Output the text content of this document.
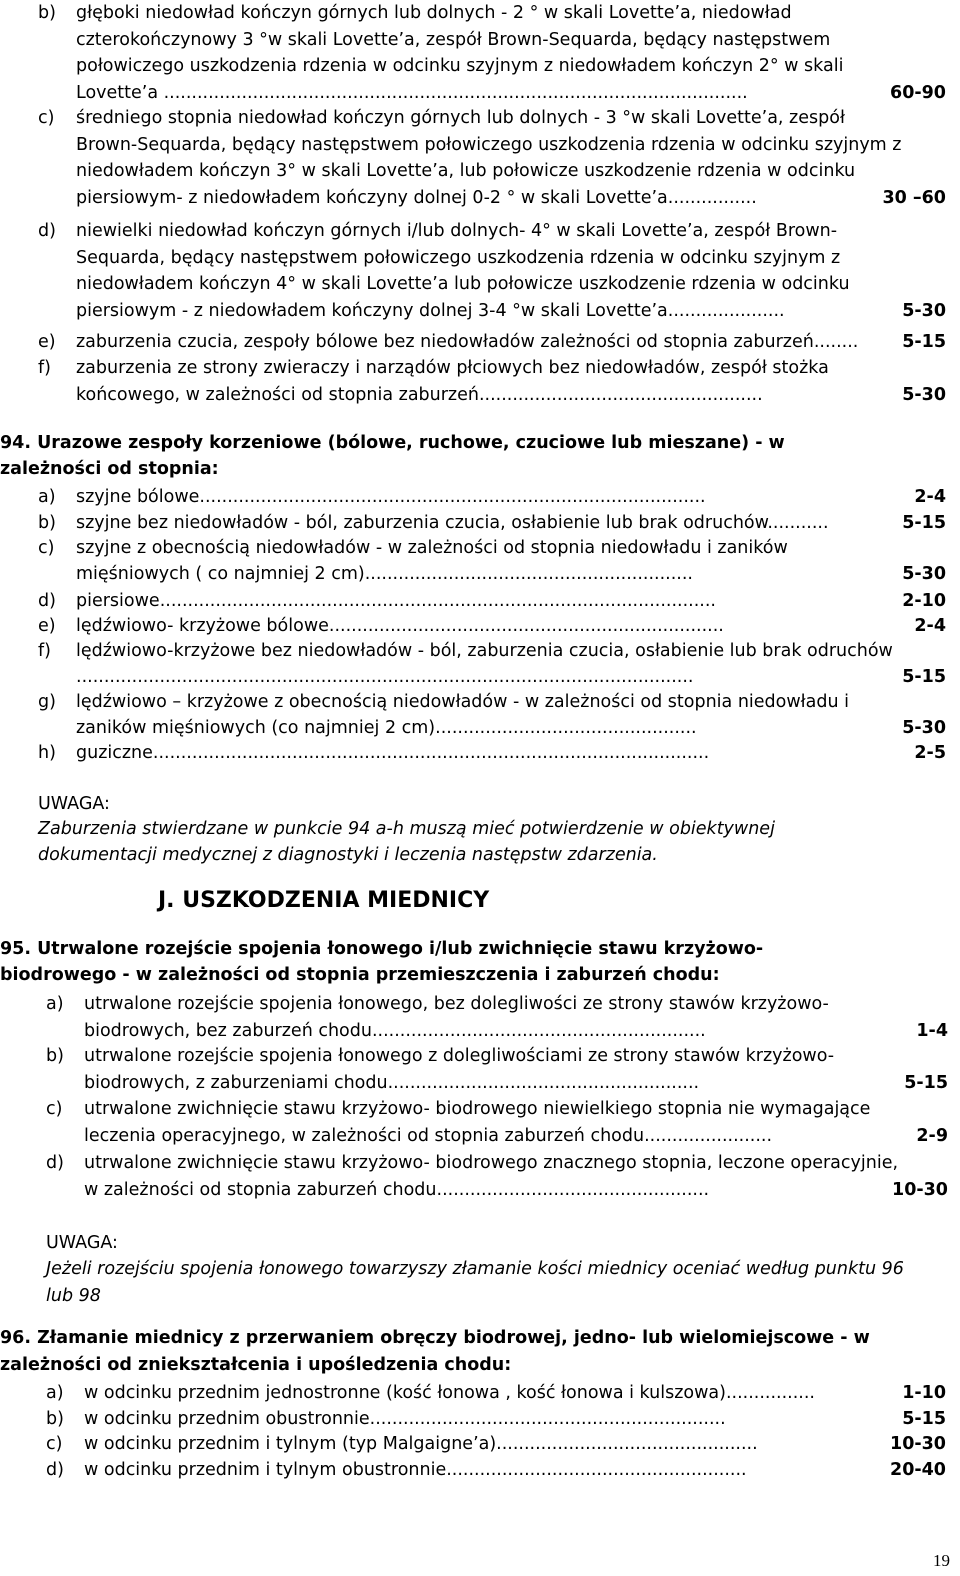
b) głęboki niedowład kończyn górnych lub dolnych - 2 ° w skali Lovette’a, niedowład
czterokończynowy 3 °w skali Lovette’a, zespół Brown-Sequarda, będący następstwem
połowiczego uszkodzenia rdzenia w odcinku szyjnym z niedowładem kończyn 2° w skali
Lovette’a .........................................................................................................	60-90
c) średniego stopnia niedowład kończyn górnych lub dolnych - 3 °w skali Lovette’a, zespół
Brown-Sequarda, będący następstwem połowiczego uszkodzenia rdzenia w odcinku szyjnym z
niedowładem kończyn 3° w skali Lovette’a, lub połowicze uszkodzenie rdzenia w odcinku
piersiowym- z niedowładem kończyny dolnej 0-2 ° w skali Lovette’a................	30 –60
d) niewielki niedowład kończyn górnych i/lub dolnych- 4° w skali Lovette’a, zespół Brown-
Sequarda, będący następstwem połowiczego uszkodzenia rdzenia w odcinku szyjnym z
niedowładem kończyn 4° w skali Lovette’a lub połowicze uszkodzenie rdzenia w odcinku
piersiowym - z niedowładem kończyny dolnej 3-4 °w skali Lovette’a.....................	5-30
e) zaburzenia czucia, zespoły bólowe bez niedowładów zależności od stopnia zaburzeń........	5-15
f) zaburzenia ze strony zwieraczy i narządów płciowych bez niedowładów, zespół stożka
końcowego, w zależności od stopnia zaburzeń...................................................	5-30
94. Urazowe zespoły korzeniowe (bólowe, ruchowe, czuciowe lub mieszane) - w
zależności od stopnia:
a) szyjne bólowe...........................................................................................	2-4
b) szyjne bez niedowładów - ból, zaburzenia czucia, osłabienie lub brak odruchów...........	5-15
c) szyjne z obecnością niedowładów - w zależności od stopnia niedowładu i zaników
mięśniowych ( co najmniej 2 cm)...........................................................	5-30
d) piersiowe....................................................................................................	2-10
e) lędźwiowo- krzyżowe bólowe.......................................................................	2-4
f) lędźwiowo-krzyżowe bez niedowładów - ból, zaburzenia czucia, osłabienie lub brak odruchów
...............................................................................................................	5-15
g) lędźwiowo – krzyżowe z obecnością niedowładów - w zależności od stopnia niedowładu i
zaników mięśniowych (co najmniej 2 cm)...............................................	5-30
h) guziczne....................................................................................................	2-5
UWAGA:
Zaburzenia stwierdzane w punkcie 94 a-h muszą mieć potwierdzenie w obiektywnej
dokumentacji medycznej z diagnostyki i leczenia następstw zdarzenia.
J. USZKODZENIA MIEDNICY
95. Utrwalone rozejście spojenia łonowego i/lub zwichnięcie stawu krzyżowo-
biodrowego - w zależności od stopnia przemieszczenia i zaburzeń chodu:
a) utrwalone rozejście spojenia łonowego, bez dolegliwości ze strony stawów krzyżowo-
biodrowych, bez zaburzeń chodu............................................................	1-4
b) utrwalone rozejście spojenia łonowego z dolegliwościami ze strony stawów krzyżowo-
biodrowych, z zaburzeniami chodu........................................................	5-15
c) utrwalone zwichnięcie stawu krzyżowo- biodrowego niewielkiego stopnia nie wymagające
leczenia operacyjnego, w zależności od stopnia zaburzeń chodu.......................	2-9
d) utrwalone zwichnięcie stawu krzyżowo- biodrowego znacznego stopnia, leczone operacyjnie,
w zależności od stopnia zaburzeń chodu.................................................	10-30
UWAGA:
Jeżeli rozejściu spojenia łonowego towarzyszy złamanie kości miednicy oceniać według punktu 96
lub 98
96. Złamanie miednicy z przerwaniem obręczy biodrowej, jedno- lub wielomiejscowe - w
zależności od zniekształcenia i upośledzenia chodu:
a) w odcinku przednim jednostronne (kość łonowa , kość łonowa i kulszowa)................	1-10
b) w odcinku przednim obustronnie................................................................	5-15
c) w odcinku przednim i tylnym (typ Malgaigne’a)...............................................	10-30
d) w odcinku przednim i tylnym obustronnie......................................................	20-40
19
